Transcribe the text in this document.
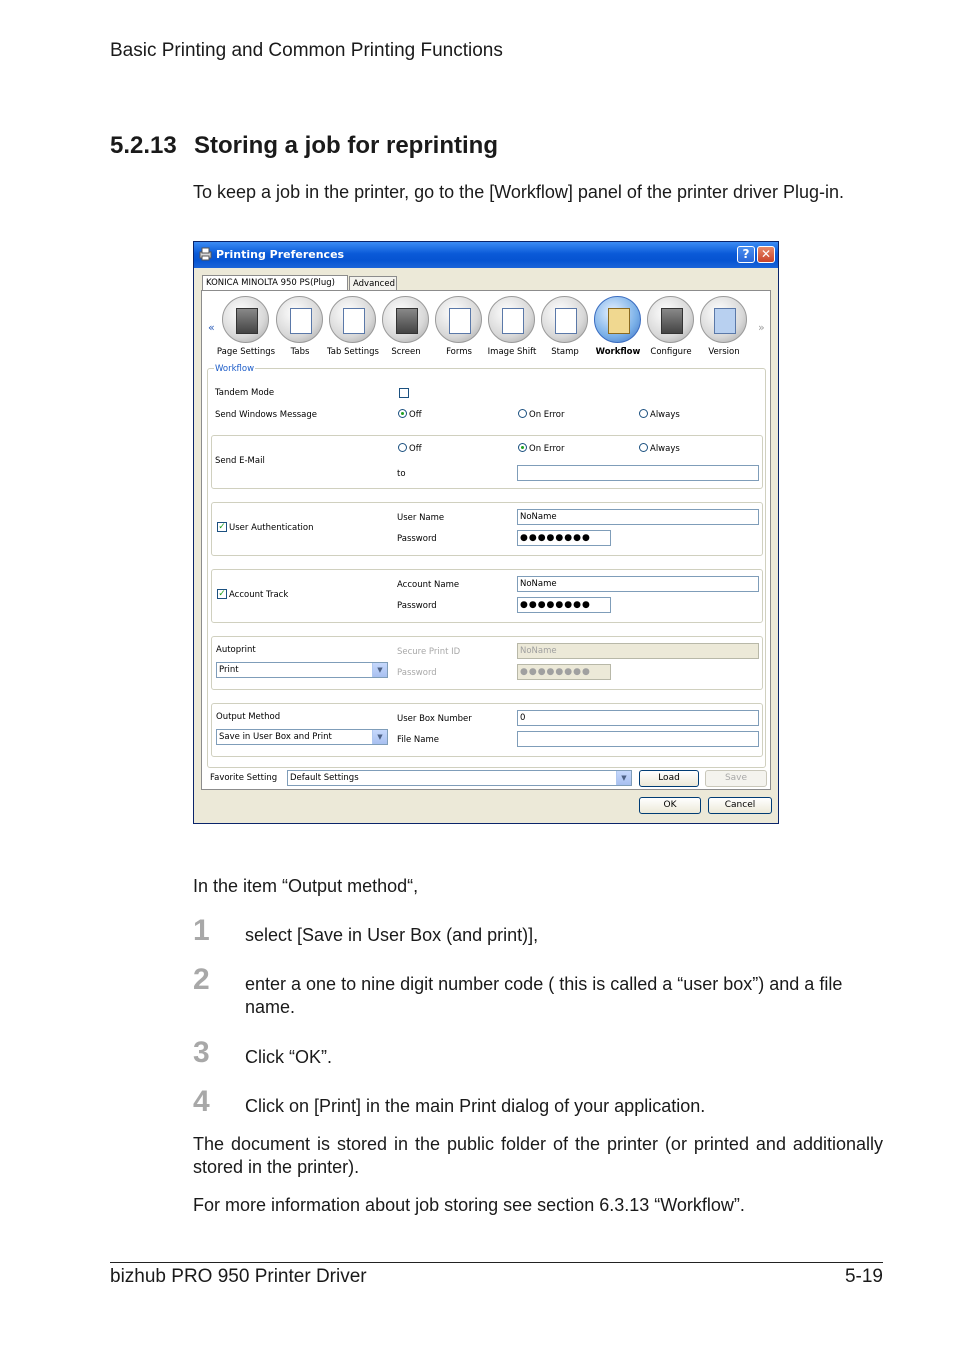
Basic Printing and Common Printing Functions
5.2.13 Storing a job for reprinting
To keep a job in the printer, go to the [Workflow] panel of the printer driver Plug-in.
Printing Preferences	? ✕
KONICA MINOLTA 950 PS(Plug)	Advanced
«	»
Page Settings	Tabs	Tab Settings	Screen	Forms	Image Shift	Stamp	Workflow	Configure	Version
Workflow
Tandem Mode
Send Windows Message	Off	On Error	Always
Send E-Mail
Off	On Error	Always
to
✓ User Authentication
User Name	NoName
Password	●●●●●●●●
✓ Account Track
Account Name	NoName
Password	●●●●●●●●
Autoprint
Print	▼
Secure Print ID	NoName
Password	●●●●●●●●
Output Method
Save in User Box and Print	▼
User Box Number	0
File Name
Favorite Setting	Default Settings	▼	Load	Save
OK	Cancel
In the item “Output method“,
1 select [Save in User Box (and print)],
2 enter a one to nine digit number code ( this is called a “user box”) and a file name.
3 Click “OK”.
4 Click on [Print] in the main Print dialog of your application.
The document is stored in the public folder of the printer (or printed and additionally stored in the printer).
For more information about job storing see section 6.3.13 “Workflow”.
bizhub PRO 950 Printer Driver	5-19
